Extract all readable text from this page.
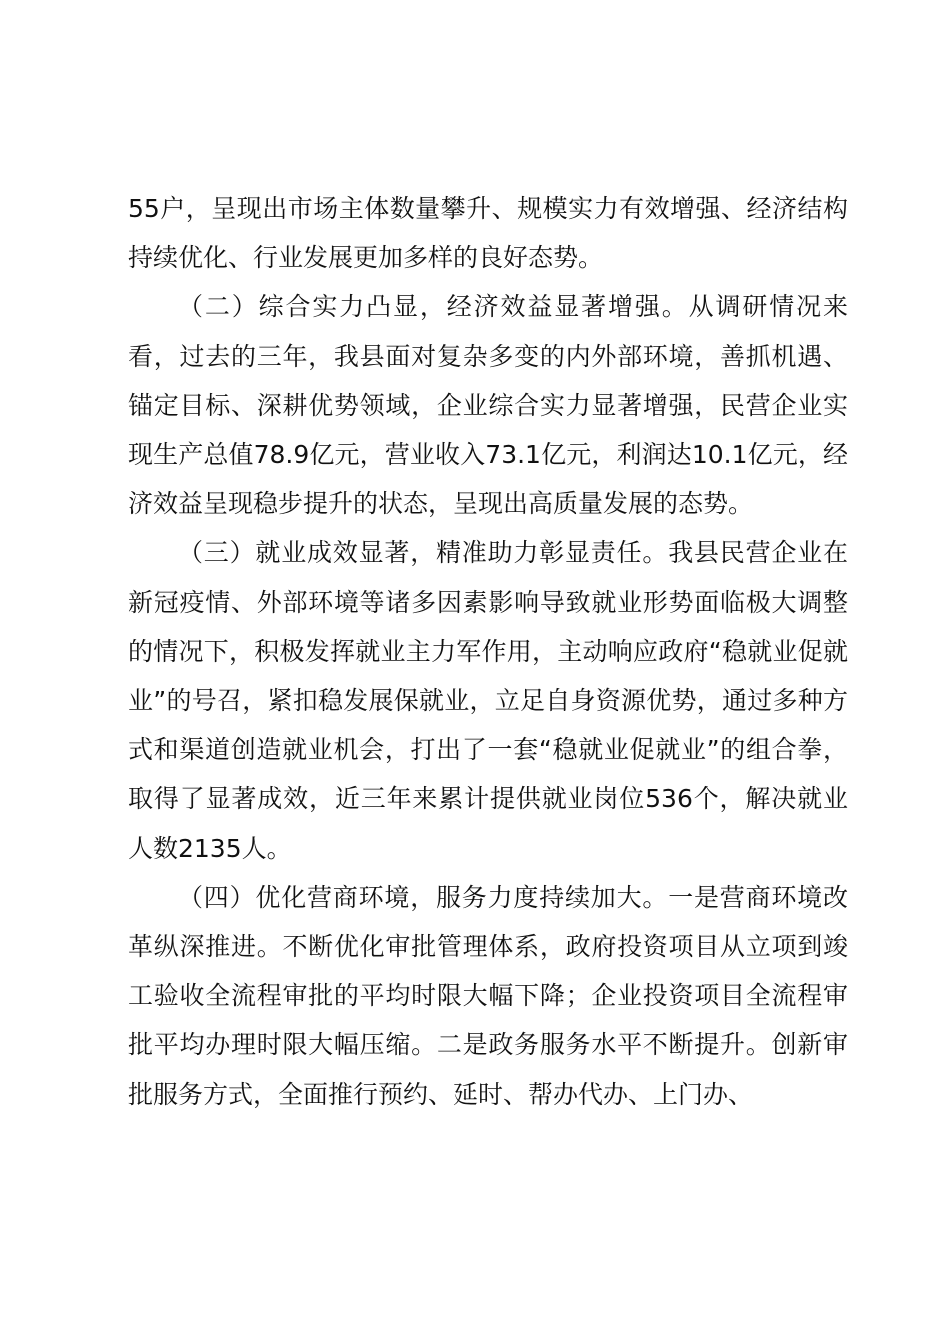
55户，呈现出市场主体数量攀升、规模实力有效增强、经济结构持续优化、行业发展更加多样的良好态势。

（二）综合实力凸显，经济效益显著增强。从调研情况来看，过去的三年，我县面对复杂多变的内外部环境，善抓机遇、锚定目标、深耕优势领域，企业综合实力显著增强，民营企业实现生产总值78.9亿元，营业收入73.1亿元，利润达10.1亿元，经济效益呈现稳步提升的状态，呈现出高质量发展的态势。

（三）就业成效显著，精准助力彰显责任。我县民营企业在新冠疫情、外部环境等诸多因素影响导致就业形势面临极大调整的情况下，积极发挥就业主力军作用，主动响应政府“稳就业促就业”的号召，紧扣稳发展保就业，立足自身资源优势，通过多种方式和渠道创造就业机会，打出了一套“稳就业促就业”的组合拳，取得了显著成效，近三年来累计提供就业岗位536个，解决就业人数2135人。

（四）优化营商环境，服务力度持续加大。一是营商环境改革纵深推进。不断优化审批管理体系，政府投资项目从立项到竣工验收全流程审批的平均时限大幅下降；企业投资项目全流程审批平均办理时限大幅压缩。二是政务服务水平不断提升。创新审批服务方式，全面推行预约、延时、帮办代办、上门办、
